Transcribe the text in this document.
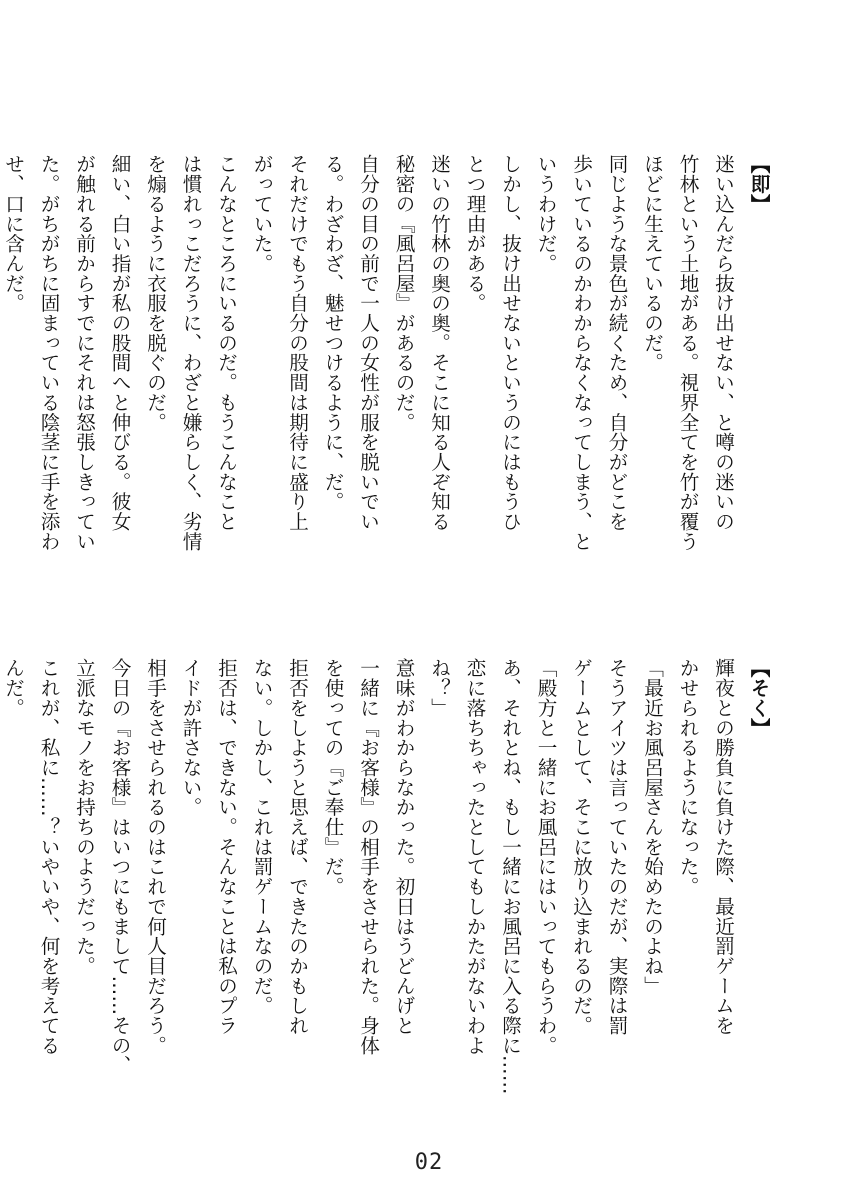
【即】

迷い込んだら抜け出せない、と噂の迷いの

竹林という土地がある。視界全てを竹が覆う

ほどに生えているのだ。

同じような景色が続くため、自分がどこを

歩いているのかわからなくなってしまう、と

いうわけだ。

しかし、抜け出せないというのにはもうひ

とつ理由がある。

迷いの竹林の奥の奥。そこに知る人ぞ知る

秘密の『風呂屋』があるのだ。

自分の目の前で一人の女性が服を脱いでい

る。わざわざ、魅せつけるように、だ。

それだけでもう自分の股間は期待に盛り上

がっていた。

こんなところにいるのだ。もうこんなこと

は慣れっこだろうに、わざと嫌らしく、劣情

を煽るように衣服を脱ぐのだ。

細い、白い指が私の股間へと伸びる。彼女

が触れる前からすでにそれは怒張しきってい

た。がちがちに固まっている陰茎に手を添わ

せ、口に含んだ。

【そく】

輝夜との勝負に負けた際、最近罰ゲームを

かせられるようになった。

「最近お風呂屋さんを始めたのよね」

そうアイツは言っていたのだが、実際は罰

ゲームとして、そこに放り込まれるのだ。

「殿方と一緒にお風呂にはいってもらうわ。

あ、それとね、もし一緒にお風呂に入る際に……

恋に落ちちゃったとしてもしかたがないわよ

ね？」

意味がわからなかった。初日はうどんげと

一緒に『お客様』の相手をさせられた。身体

を使っての『ご奉仕』だ。

拒否をしようと思えば、できたのかもしれ

ない。しかし、これは罰ゲームなのだ。

拒否は、できない。そんなことは私のプラ

イドが許さない。

相手をさせられるのはこれで何人目だろう。

今日の『お客様』はいつにもまして……その、

立派なモノをお持ちのようだった。

これが、私に……？いやいや、何を考えてる

んだ。

02
